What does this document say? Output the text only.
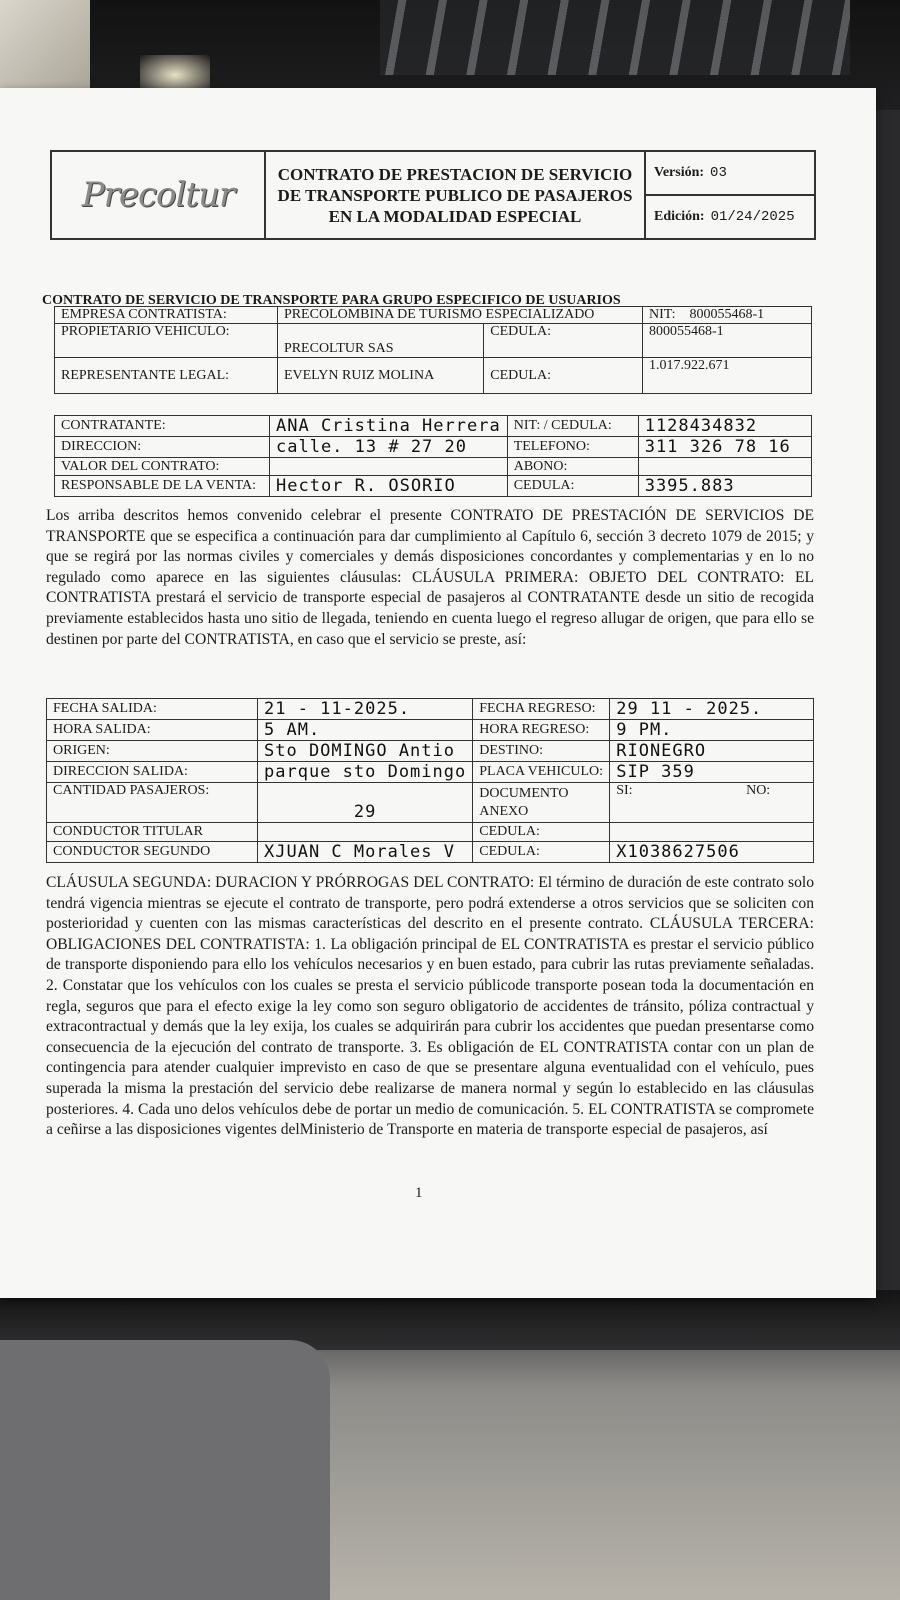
Precoltur
CONTRATO DE PRESTACION DE SERVICIO DE TRANSPORTE PUBLICO DE PASAJEROS EN LA MODALIDAD ESPECIAL
Versión: 03
Edición: 01/24/2025
CONTRATO DE SERVICIO DE TRANSPORTE PARA GRUPO ESPECIFICO DE USUARIOS
EMPRESA CONTRATISTA:	PRECOLOMBINA DE TURISMO ESPECIALIZADO		NIT: 800055468-1
PROPIETARIO VEHICULO:	PRECOLTUR SAS	CEDULA:	800055468-1
REPRESENTANTE LEGAL:	EVELYN RUIZ MOLINA	CEDULA:	1.017.922.671
CONTRATANTE:	ANA Cristina Herrera	NIT: / CEDULA:	1128434832
DIRECCION:	calle. 13 # 27 20	TELEFONO:	311 326 78 16
VALOR DEL CONTRATO:		ABONO:	
RESPONSABLE DE LA VENTA:	Hector R. OSORIO	CEDULA:	3395.883
Los arriba descritos hemos convenido celebrar el presente CONTRATO DE PRESTACIÓN DE SERVICIOS DE TRANSPORTE que se especifica a continuación para dar cumplimiento al Capítulo 6, sección 3 decreto 1079 de 2015; y que se regirá por las normas civiles y comerciales y demás disposiciones concordantes y complementarias y en lo no regulado como aparece en las siguientes cláusulas: CLÁUSULA PRIMERA: OBJETO DEL CONTRATO: EL CONTRATISTA prestará el servicio de transporte especial de pasajeros al CONTRATANTE desde un sitio de recogida previamente establecidos hasta uno sitio de llegada, teniendo en cuenta luego el regreso allugar de origen, que para ello se destinen por parte del CONTRATISTA, en caso que el servicio se preste, así:
FECHA SALIDA:	21 - 11-2025.	FECHA REGRESO:	29 11 - 2025.
HORA SALIDA:	5 AM.	HORA REGRESO:	9 PM.
ORIGEN:	Sto DOMINGO Antio	DESTINO:	RIONEGRO
DIRECCION SALIDA:	parque sto Domingo	PLACA VEHICULO:	SIP 359
CANTIDAD PASAJEROS:	29	DOCUMENTO ANEXO	SI: NO:
CONDUCTOR TITULAR		CEDULA:	
CONDUCTOR SEGUNDO	XJUAN C Morales V	CEDULA:	X1038627506
CLÁUSULA SEGUNDA: DURACION Y PRÓRROGAS DEL CONTRATO: El término de duración de este contrato solo tendrá vigencia mientras se ejecute el contrato de transporte, pero podrá extenderse a otros servicios que se soliciten con posterioridad y cuenten con las mismas características del descrito en el presente contrato. CLÁUSULA TERCERA: OBLIGACIONES DEL CONTRATISTA: 1. La obligación principal de EL CONTRATISTA es prestar el servicio público de transporte disponiendo para ello los vehículos necesarios y en buen estado, para cubrir las rutas previamente señaladas. 2. Constatar que los vehículos con los cuales se presta el servicio públicode transporte posean toda la documentación en regla, seguros que para el efecto exige la ley como son seguro obligatorio de accidentes de tránsito, póliza contractual y extracontractual y demás que la ley exija, los cuales se adquirirán para cubrir los accidentes que puedan presentarse como consecuencia de la ejecución del contrato de transporte. 3. Es obligación de EL CONTRATISTA contar con un plan de contingencia para atender cualquier imprevisto en caso de que se presentare alguna eventualidad con el vehículo, pues superada la misma la prestación del servicio debe realizarse de manera normal y según lo establecido en las cláusulas posteriores. 4. Cada uno delos vehículos debe de portar un medio de comunicación. 5. EL CONTRATISTA se compromete a ceñirse a las disposiciones vigentes delMinisterio de Transporte en materia de transporte especial de pasajeros, así
1
